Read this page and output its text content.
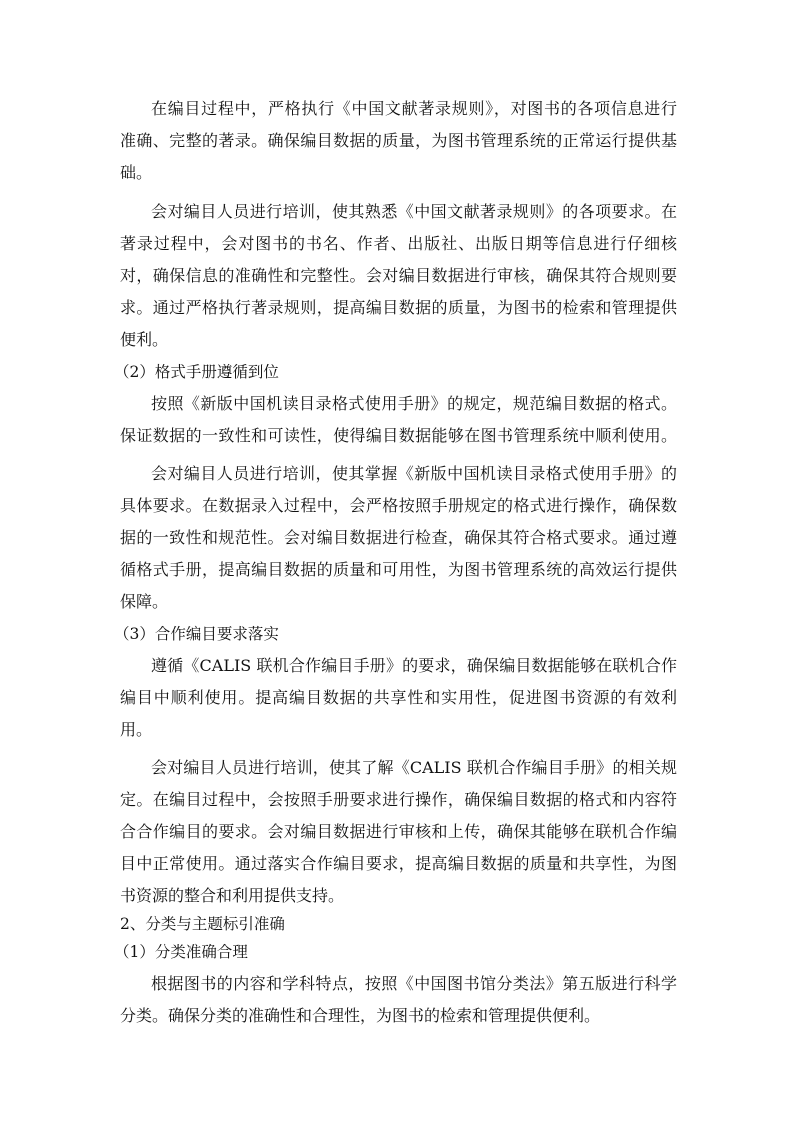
在编目过程中，严格执行《中国文献著录规则》，对图书的各项信息进行
准确、完整的著录。确保编目数据的质量，为图书管理系统的正常运行提供基
础。
会对编目人员进行培训，使其熟悉《中国文献著录规则》的各项要求。在
著录过程中，会对图书的书名、作者、出版社、出版日期等信息进行仔细核
对，确保信息的准确性和完整性。会对编目数据进行审核，确保其符合规则要
求。通过严格执行著录规则，提高编目数据的质量，为图书的检索和管理提供
便利。
（2）格式手册遵循到位
按照《新版中国机读目录格式使用手册》的规定，规范编目数据的格式。
保证数据的一致性和可读性，使得编目数据能够在图书管理系统中顺利使用。
会对编目人员进行培训，使其掌握《新版中国机读目录格式使用手册》的
具体要求。在数据录入过程中，会严格按照手册规定的格式进行操作，确保数
据的一致性和规范性。会对编目数据进行检查，确保其符合格式要求。通过遵
循格式手册，提高编目数据的质量和可用性，为图书管理系统的高效运行提供
保障。
（3）合作编目要求落实
遵循《CALIS 联机合作编目手册》的要求，确保编目数据能够在联机合作
编目中顺利使用。提高编目数据的共享性和实用性，促进图书资源的有效利
用。
会对编目人员进行培训，使其了解《CALIS 联机合作编目手册》的相关规
定。在编目过程中，会按照手册要求进行操作，确保编目数据的格式和内容符
合合作编目的要求。会对编目数据进行审核和上传，确保其能够在联机合作编
目中正常使用。通过落实合作编目要求，提高编目数据的质量和共享性，为图
书资源的整合和利用提供支持。
2、分类与主题标引准确
（1）分类准确合理
根据图书的内容和学科特点，按照《中国图书馆分类法》第五版进行科学
分类。确保分类的准确性和合理性，为图书的检索和管理提供便利。
